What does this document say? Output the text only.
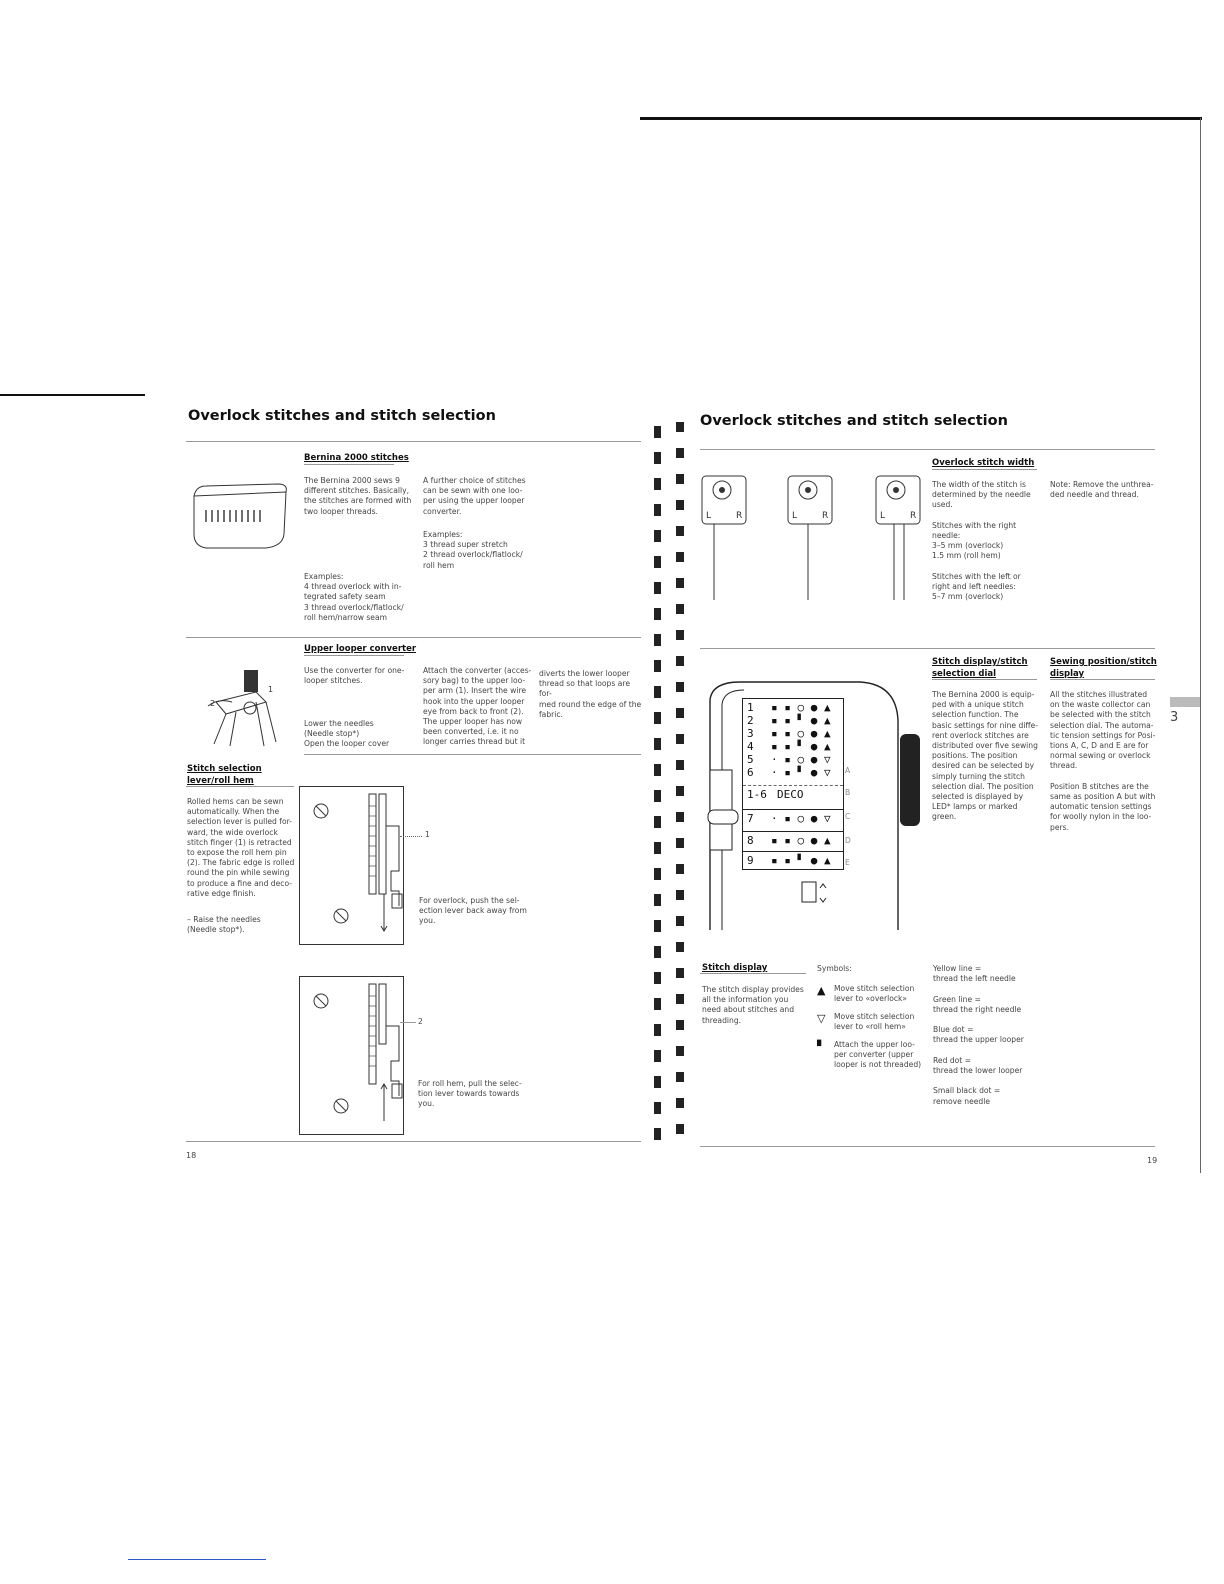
Overlock stitches and stitch selection
Bernina 2000 stitches
The Bernina 2000 sews 9
different stitches. Basically,
the stitches are formed with
two looper threads.
Examples:
4 thread overlock with in-
tegrated safety seam
3 thread overlock/flatlock/
roll hem/narrow seam
A further choice of stitches
can be sewn with one loo-
per using the upper looper
converter.
Examples:
3 thread super stretch
2 thread overlock/flatlock/
roll hem
2
1
Upper looper converter
Use the converter for one-
looper stitches.
Lower the needles
(Needle stop*)
Open the looper cover
Attach the converter (acces-
sory bag) to the upper loo-
per arm (1). Insert the wire
hook into the upper looper
eye from back to front (2).
The upper looper has now
been converted, i.e. it no
longer carries thread but it
diverts the lower looper
thread so that loops are for-
med round the edge of the
fabric.
Stitch selection lever/roll hem
Rolled hems can be sewn
automatically. When the
selection lever is pulled for-
ward, the wide overlock
stitch finger (1) is retracted
to expose the roll hem pin
(2). The fabric edge is rolled
round the pin while sewing
to produce a fine and deco-
rative edge finish.
– Raise the needles
(Needle stop*).
1
For overlock, push the sel-
ection lever back away from
you.
2
For roll hem, pull the selec-
tion lever towards towards
you.
18
Overlock stitches and stitch selection
L	R	L	R	L	R
Overlock stitch width
The width of the stitch is
determined by the needle
used.

Stitches with the right
needle:
3–5 mm (overlock)
1.5 mm (roll hem)

Stitches with the left or
right and left needles:
5–7 mm (overlock)
Note: Remove the unthrea-
ded needle and thread.
1 ▪ ▪ ○ ● ▲
2 ▪ ▪ ▘ ● ▲
3 ▪ ▪ ○ ● ▲
4 ▪ ▪ ▘ ● ▲
5 · ▪ ○ ● ▽
6 · ▪ ▘ ● ▽
1-6 DECO
7 · ▪ ○ ● ▽
8 ▪ ▪ ○ ● ▲
9 ▪ ▪ ▘ ● ▲
A
B
C
D
E
Stitch display/stitch selection dial
The Bernina 2000 is equip-
ped with a unique stitch
selection function. The
basic settings for nine diffe-
rent overlock stitches are
distributed over five sewing
positions. The position
desired can be selected by
simply turning the stitch
selection dial. The position
selected is displayed by
LED* lamps or marked
green.
Sewing position/stitch display
All the stitches illustrated
on the waste collector can
be selected with the stitch
selection dial. The automa-
tic tension settings for Posi-
tions A, C, D and E are for
normal sewing or overlock
thread.

Position B stitches are the
same as position A but with
automatic tension settings
for woolly nylon in the loo-
pers.
3
Stitch display
The stitch display provides
all the information you
need about stitches and
threading.
Symbols:
▲ Move stitch selection
lever to «overlock»
▽ Move stitch selection
lever to «roll hem»
▘ Attach the upper loo-
per converter (upper
looper is not threaded)
Yellow line =
thread the left needle

Green line =
thread the right needle

Blue dot =
thread the upper looper

Red dot =
thread the lower looper

Small black dot =
remove needle
19
